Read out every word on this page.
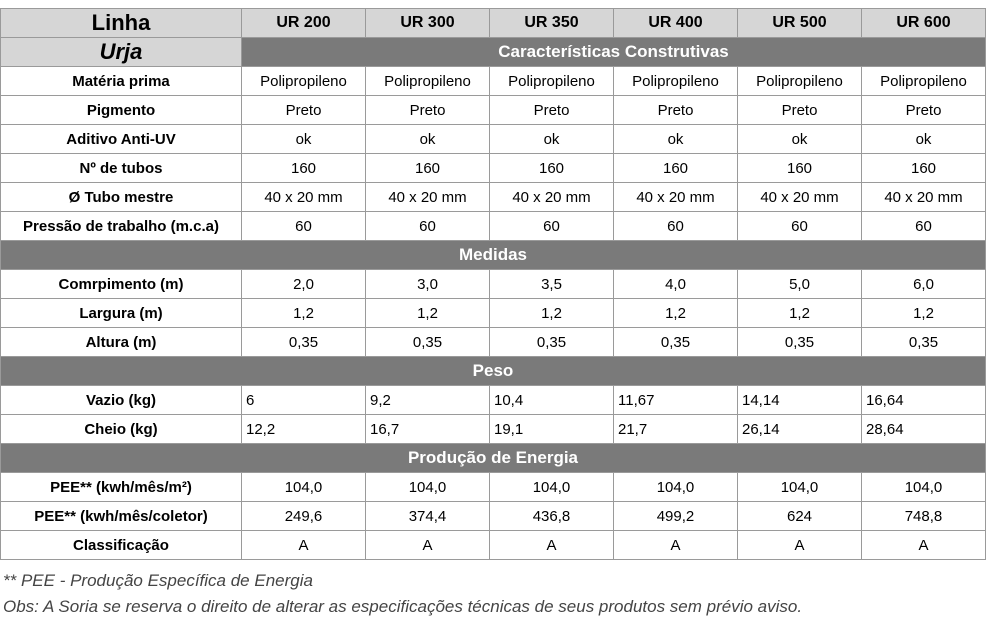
Linha	UR 200	UR 300	UR 350	UR 400	UR 500	UR 600
Urja	Características Construtivas					
Matéria prima	Polipropileno	Polipropileno	Polipropileno	Polipropileno	Polipropileno	Polipropileno
Pigmento	Preto	Preto	Preto	Preto	Preto	Preto
Aditivo Anti-UV	ok	ok	ok	ok	ok	ok
Nº de tubos	160	160	160	160	160	160
Ø Tubo mestre	40 x 20 mm	40 x 20 mm	40 x 20 mm	40 x 20 mm	40 x 20 mm	40 x 20 mm
Pressão de trabalho (m.c.a)	60	60	60	60	60	60
Medidas						
Comrpimento (m)	2,0	3,0	3,5	4,0	5,0	6,0
Largura (m)	1,2	1,2	1,2	1,2	1,2	1,2
Altura (m)	0,35	0,35	0,35	0,35	0,35	0,35
Peso						
Vazio (kg)	6	9,2	10,4	11,67	14,14	16,64
Cheio (kg)	12,2	16,7	19,1	21,7	26,14	28,64
Produção de Energia						
PEE** (kwh/mês/m²)	104,0	104,0	104,0	104,0	104,0	104,0
PEE** (kwh/mês/coletor)	249,6	374,4	436,8	499,2	624	748,8
Classificação	A	A	A	A	A	A
** PEE - Produção Específica de Energia
Obs: A Soria se reserva o direito de alterar as especificações técnicas de seus produtos sem prévio aviso.
